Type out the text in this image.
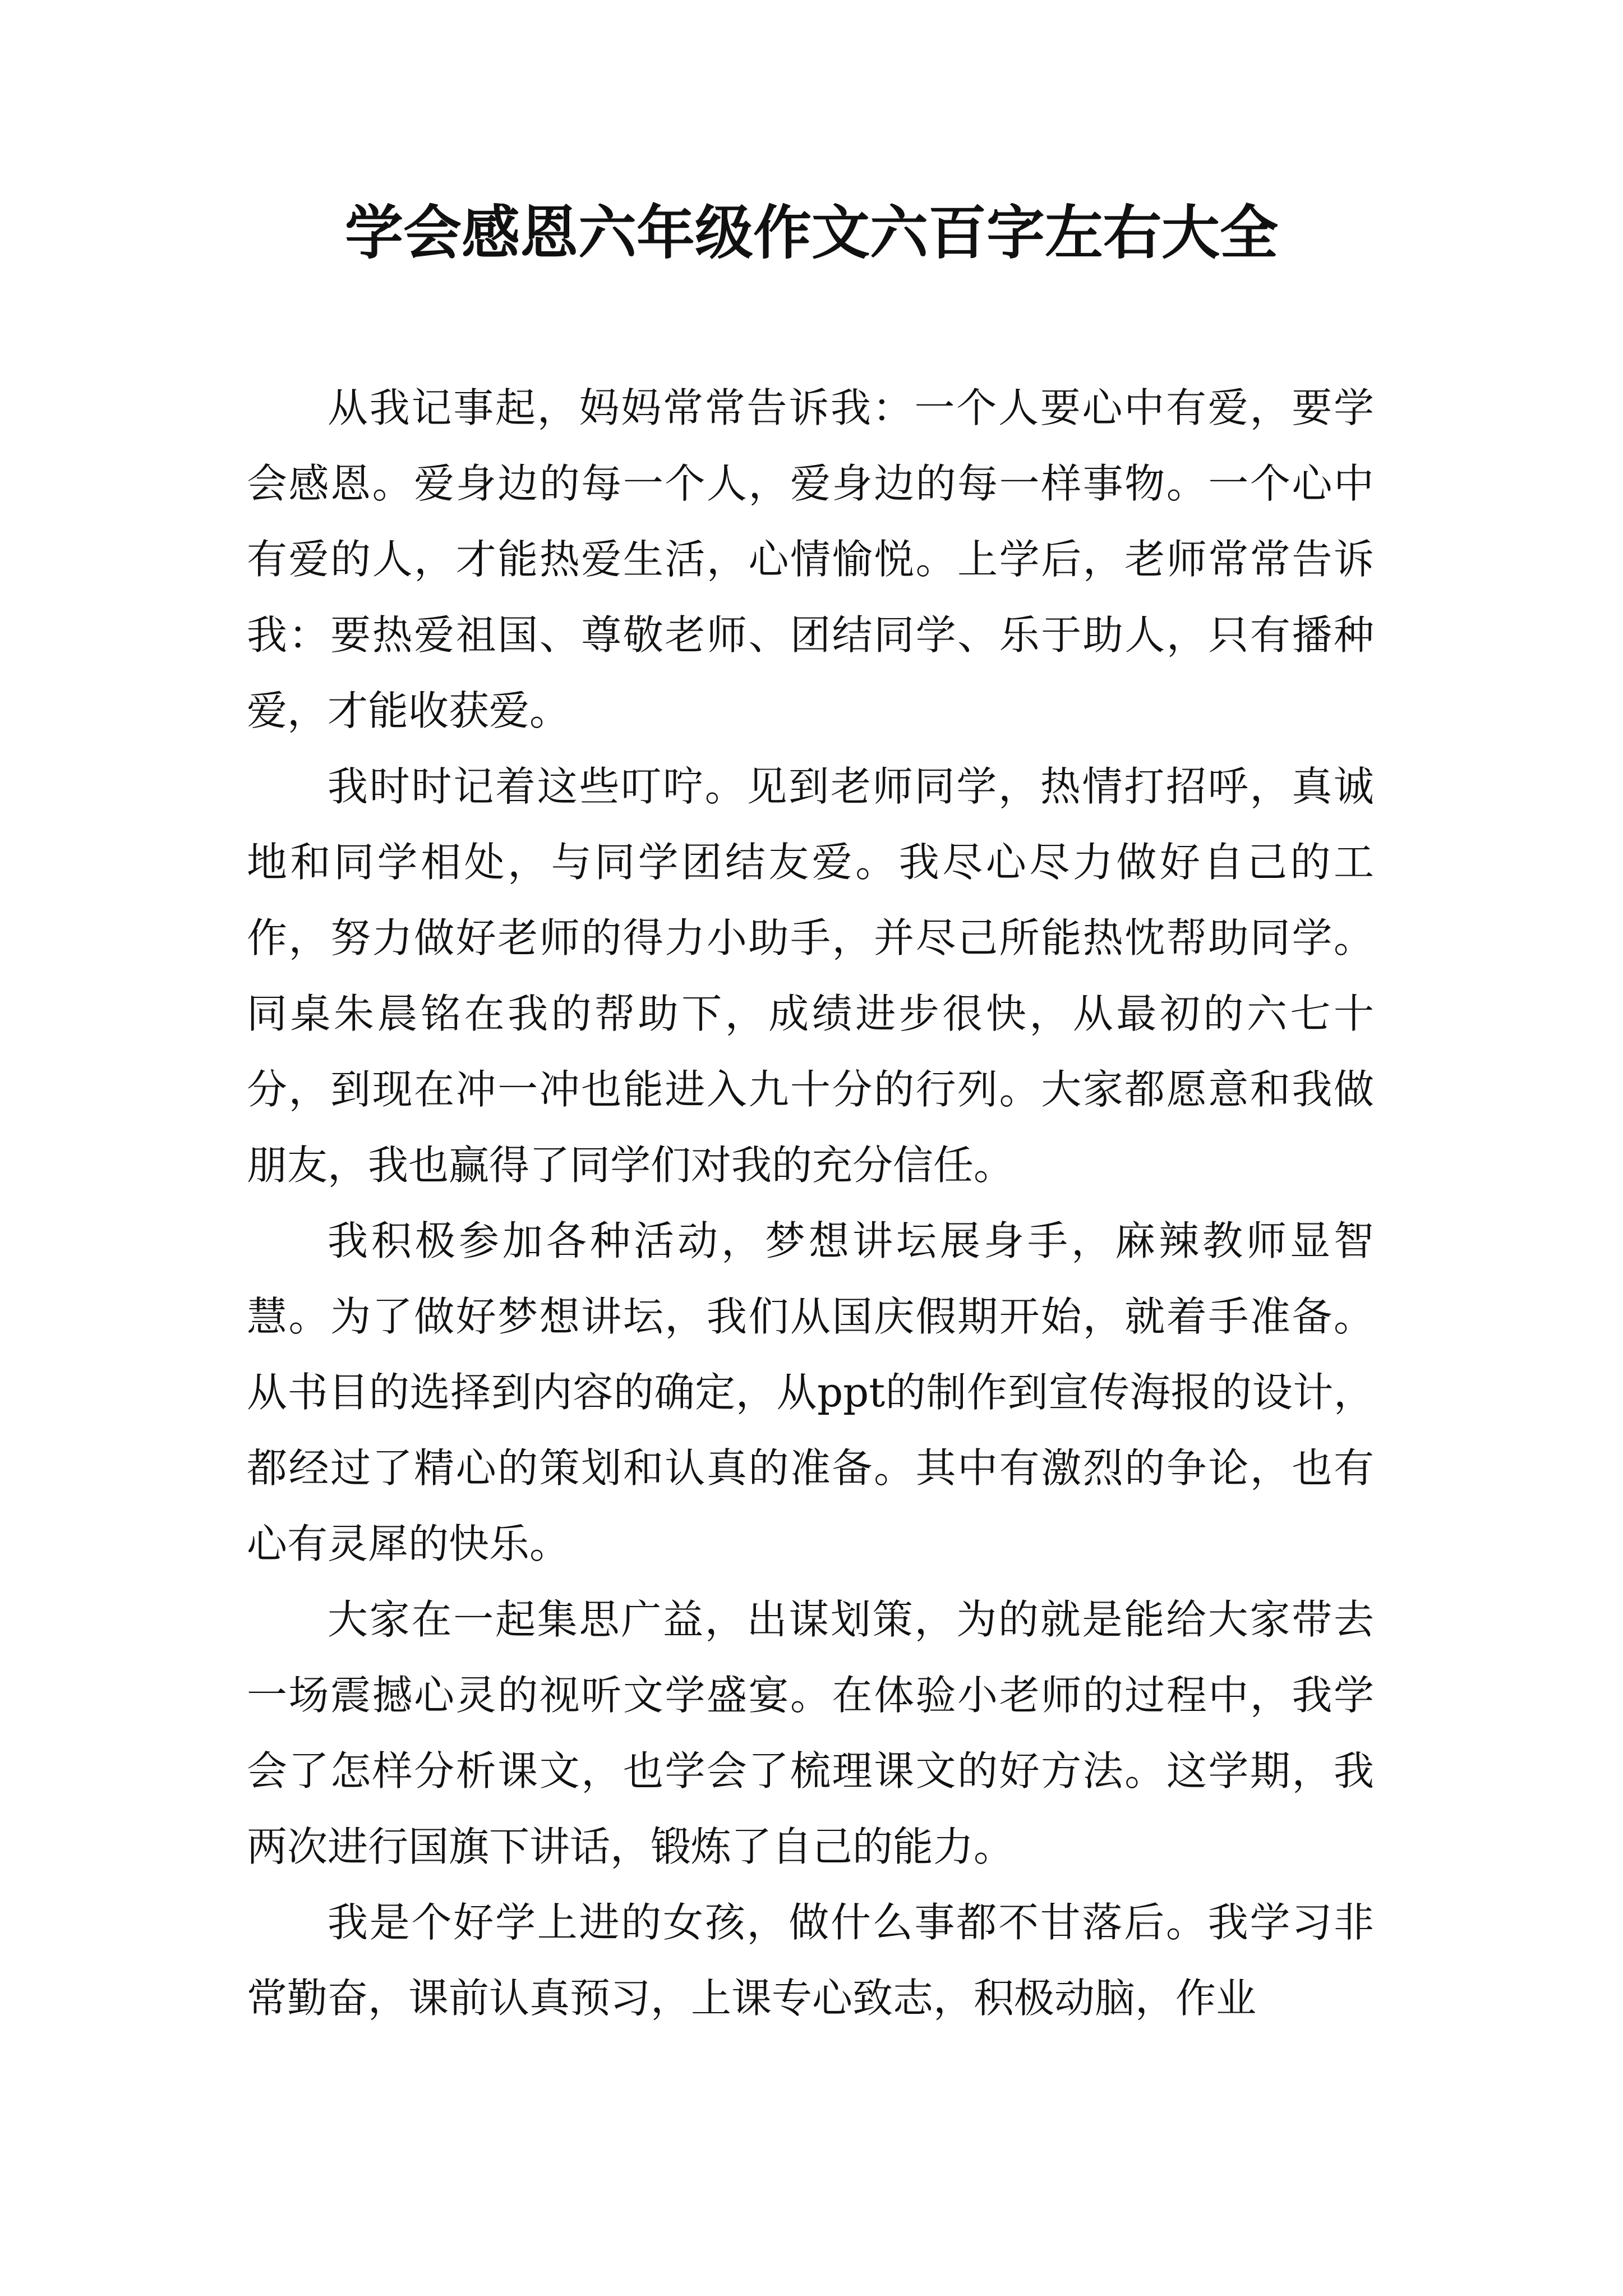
学会感恩六年级作文六百字左右大全

从我记事起，妈妈常常告诉我：一个人要心中有爱，要学会感恩。爱身边的每一个人，爱身边的每一样事物。一个心中有爱的人，才能热爱生活，心情愉悦。上学后，老师常常告诉我：要热爱祖国、尊敬老师、团结同学、乐于助人，只有播种爱，才能收获爱。

我时时记着这些叮咛。见到老师同学，热情打招呼，真诚地和同学相处，与同学团结友爱。我尽心尽力做好自己的工作，努力做好老师的得力小助手，并尽己所能热忱帮助同学。同桌朱晨铭在我的帮助下，成绩进步很快，从最初的六七十分，到现在冲一冲也能进入九十分的行列。大家都愿意和我做朋友，我也赢得了同学们对我的充分信任。

我积极参加各种活动，梦想讲坛展身手，麻辣教师显智慧。为了做好梦想讲坛，我们从国庆假期开始，就着手准备。从书目的选择到内容的确定，从ppt的制作到宣传海报的设计，都经过了精心的策划和认真的准备。其中有激烈的争论，也有心有灵犀的快乐。

大家在一起集思广益，出谋划策，为的就是能给大家带去一场震撼心灵的视听文学盛宴。在体验小老师的过程中，我学会了怎样分析课文，也学会了梳理课文的好方法。这学期，我两次进行国旗下讲话，锻炼了自己的能力。

我是个好学上进的女孩，做什么事都不甘落后。我学习非常勤奋，课前认真预习，上课专心致志，积极动脑，作业
